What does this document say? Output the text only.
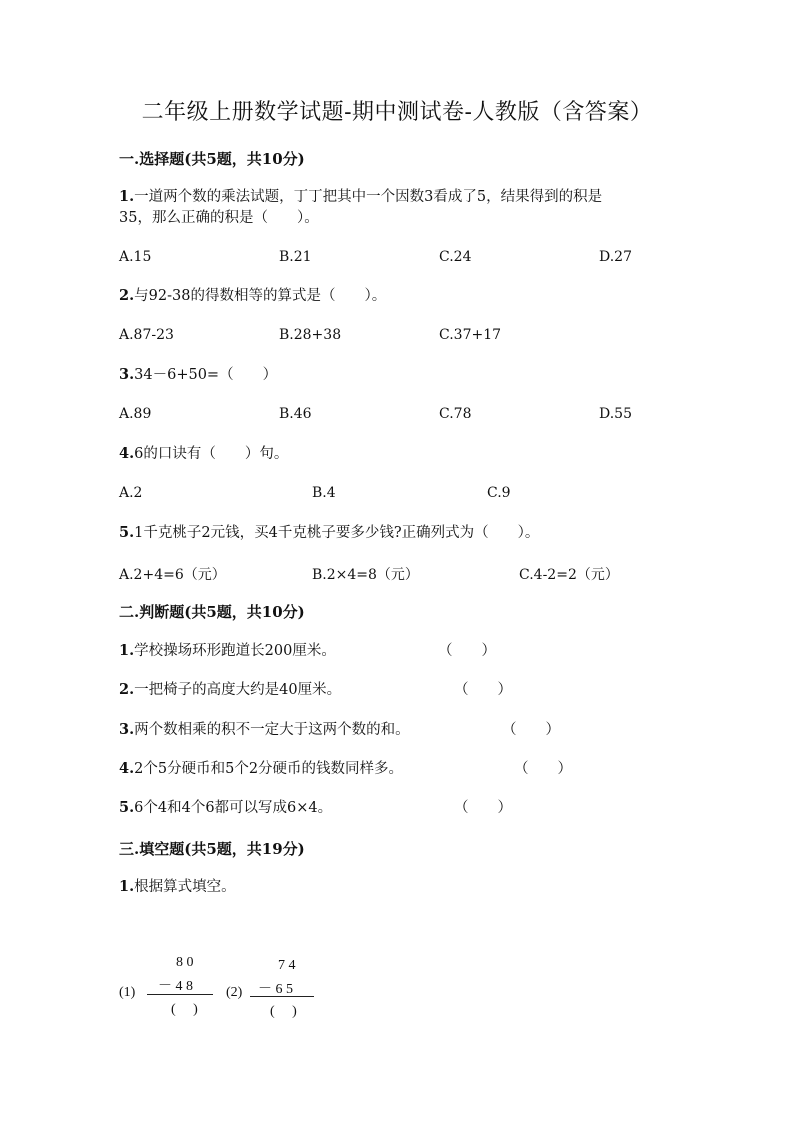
二年级上册数学试题-期中测试卷-人教版（含答案）
一.选择题(共5题，共10分)
1.一道两个数的乘法试题，丁丁把其中一个因数3看成了5，结果得到的积是
35，那么正确的积是（　　）。
A.15	B.21	C.24	D.27
2.与92-38的得数相等的算式是（　　）。
A.87-23	B.28+38	C.37+17
3.34－6+50=（　　）
A.89	B.46	C.78	D.55
4.6的口诀有（　　）句。
A.2	B.4	C.9
5.1千克桃子2元钱，买4千克桃子要多少钱?正确列式为（　　）。
A.2+4=6（元）	B.2×4=8（元）	C.4-2=2（元）
二.判断题(共5题，共10分)
1.学校操场环形跑道长200厘米。	（　　）
2.一把椅子的高度大约是40厘米。	（　　）
3.两个数相乘的积不一定大于这两个数的和。	（　　）
4.2个5分硬币和5个2分硬币的钱数同样多。	（　　）
5.6个4和4个6都可以写成6×4。	（　　）
三.填空题(共5题，共19分)
1.根据算式填空。
(1)
8 0
－ 4 8
(　 )
(2)
7 4
－ 6 5
(　 )
